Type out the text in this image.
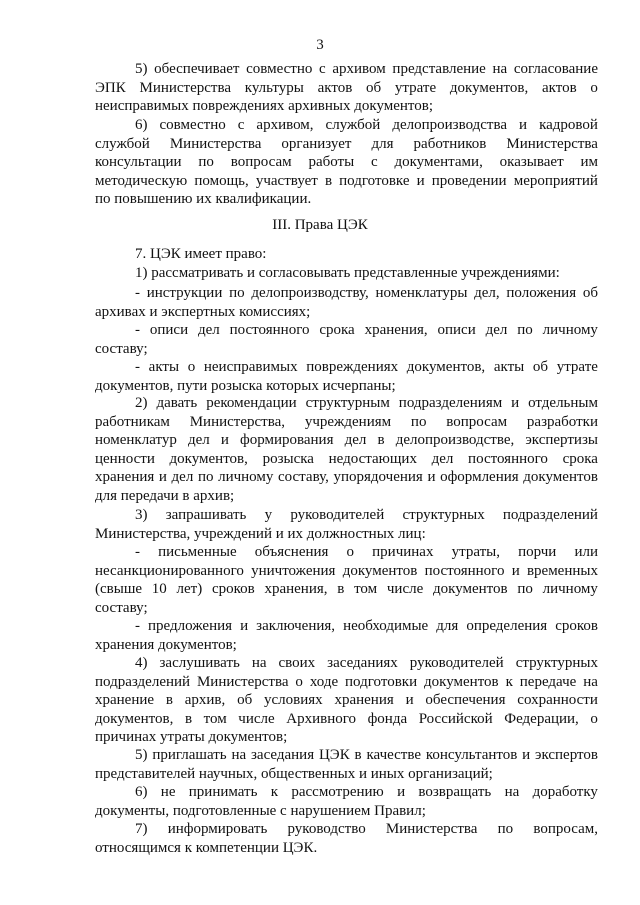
3
5) обеспечивает совместно с архивом представление на согласование
ЭПК Министерства культуры актов об утрате документов, актов о
неисправимых повреждениях архивных документов;
6) совместно с архивом, службой делопроизводства и кадровой
службой Министерства организует для работников Министерства
консультации по вопросам работы с документами, оказывает им
методическую помощь, участвует в подготовке и проведении мероприятий
по повышению их квалификации.
III. Права ЦЭК
7. ЦЭК имеет право:
1) рассматривать и согласовывать представленные учреждениями:
- инструкции по делопроизводству, номенклатуры дел, положения об
архивах и экспертных комиссиях;
- описи дел постоянного срока хранения, описи дел по личному
составу;
- акты о неисправимых повреждениях документов, акты об утрате
документов, пути розыска которых исчерпаны;
2) давать рекомендации структурным подразделениям и отдельным
работникам Министерства, учреждениям по вопросам разработки
номенклатур дел и формирования дел в делопроизводстве, экспертизы
ценности документов, розыска недостающих дел постоянного срока
хранения и дел по личному составу, упорядочения и оформления документов
для передачи в архив;
3) запрашивать у руководителей структурных подразделений
Министерства, учреждений и их должностных лиц:
- письменные объяснения о причинах утраты, порчи или
несанкционированного уничтожения документов постоянного и временных
(свыше 10 лет) сроков хранения, в том числе документов по личному
составу;
- предложения и заключения, необходимые для определения сроков
хранения документов;
4) заслушивать на своих заседаниях руководителей структурных
подразделений Министерства о ходе подготовки документов к передаче на
хранение в архив, об условиях хранения и обеспечения сохранности
документов, в том числе Архивного фонда Российской Федерации, о
причинах утраты документов;
5) приглашать на заседания ЦЭК в качестве консультантов и экспертов
представителей научных, общественных и иных организаций;
6) не принимать к рассмотрению и возвращать на доработку
документы, подготовленные с нарушением Правил;
7) информировать руководство Министерства по вопросам,
относящимся к компетенции ЦЭК.
